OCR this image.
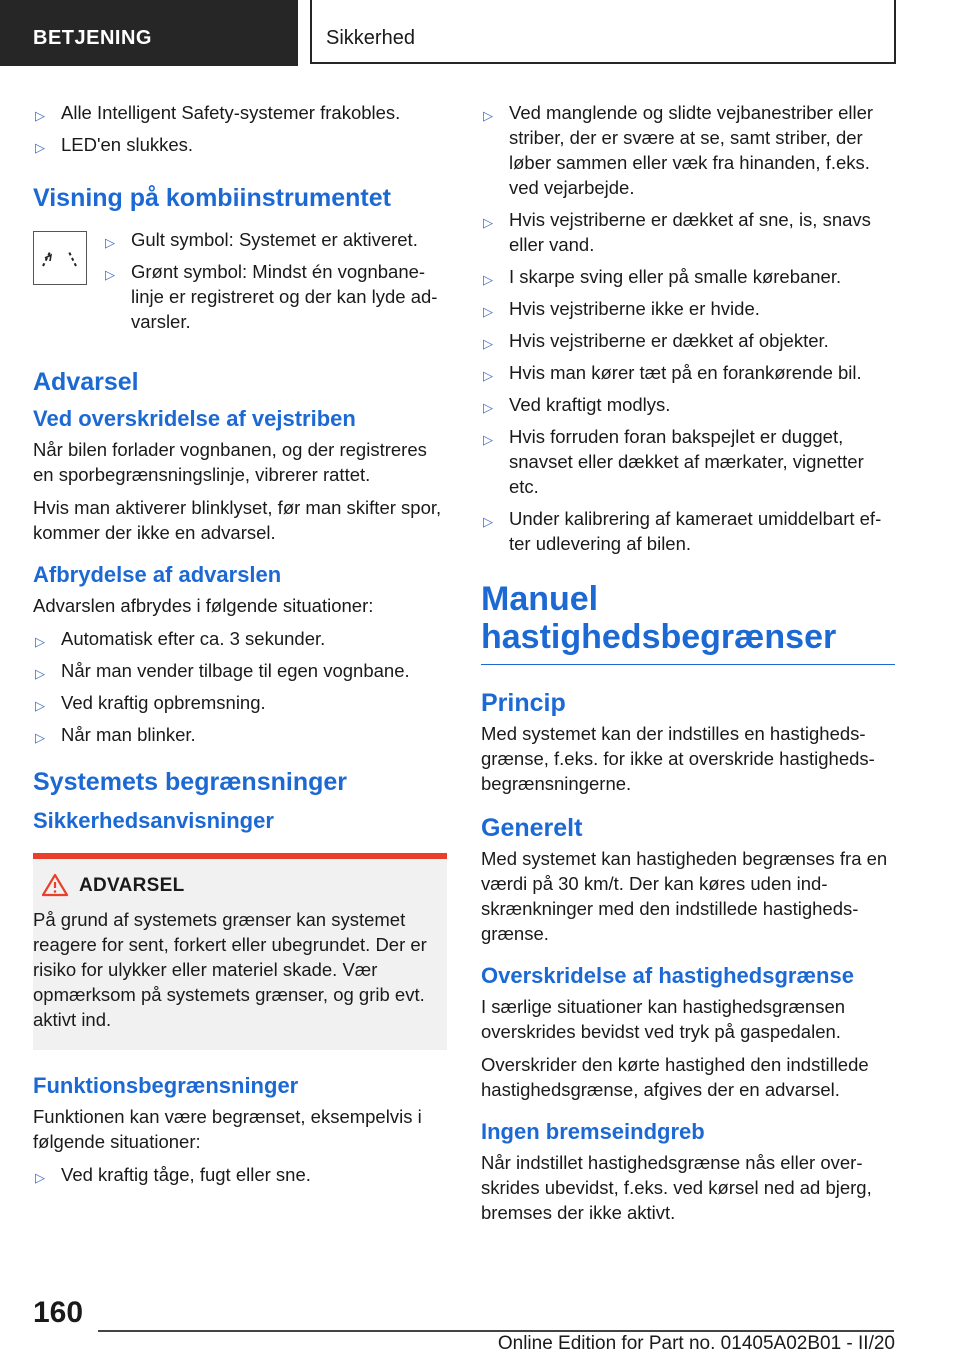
BETJENING	Sikkerhed
▷ Alle Intelligent Safety-systemer frakobles.
▷ LED'en slukkes.
Visning på kombiinstrumentet
▷ Gult symbol: Systemet er aktiveret.
▷ Grønt symbol: Mindst én vognbanelinje er registreret og der kan lyde advarsler.
Advarsel
Ved overskridelse af vejstriben

Når bilen forlader vognbanen, og der registreres en sporbegrænsningslinje, vibrerer rattet.

Hvis man aktiverer blinklyset, før man skifter spor, kommer der ikke en advarsel.

Afbrydelse af advarslen

Advarslen afbrydes i følgende situationer:

▷ Automatisk efter ca. 3 sekunder.
▷ Når man vender tilbage til egen vognbane.
▷ Ved kraftig opbremsning.
▷ Når man blinker.
Systemets begrænsninger
Sikkerhedsanvisninger
ADVARSEL

På grund af systemets grænser kan systemet reagere for sent, forkert eller ubegrundet. Der er risiko for ulykker eller materiel skade. Vær opmærksom på systemets grænser, og grib evt. aktivt ind.

Funktionsbegrænsninger

Funktionen kan være begrænset, eksempelvis i følgende situationer:

▷ Ved kraftig tåge, fugt eller sne.
▷ Ved manglende og slidte vejbanestriber eller striber, der er svære at se, samt striber, der løber sammen eller væk fra hinanden, f.eks. ved vejarbejde.
▷ Hvis vejstriberne er dækket af sne, is, snavs eller vand.
▷ I skarpe sving eller på smalle kørebaner.
▷ Hvis vejstriberne ikke er hvide.
▷ Hvis vejstriberne er dækket af objekter.
▷ Hvis man kører tæt på en forankørende bil.
▷ Ved kraftigt modlys.
▷ Hvis forruden foran bakspejlet er dugget, snavset eller dækket af mærkater, vignetter etc.
▷ Under kalibrering af kameraet umiddelbart efter udlevering af bilen.
Manuel hastighedsbegrænser
Princip

Med systemet kan der indstilles en hastighedsgrænse, f.eks. for ikke at overskride hastighedsbegrænsningerne.

Generelt

Med systemet kan hastigheden begrænses fra en værdi på 30 km/t. Der kan køres uden indskrænkninger med den indstillede hastighedsgrænse.

Overskridelse af hastighedsgrænse

I særlige situationer kan hastighedsgrænsen overskrides bevidst ved tryk på gaspedalen.

Overskrider den kørte hastighed den indstillede hastighedsgrænse, afgives der en advarsel.

Ingen bremseindgreb

Når indstillet hastighedsgrænse nås eller overskrides ubevidst, f.eks. ved kørsel ned ad bjerg, bremses der ikke aktivt.

160
Online Edition for Part no. 01405A02B01 - II/20
